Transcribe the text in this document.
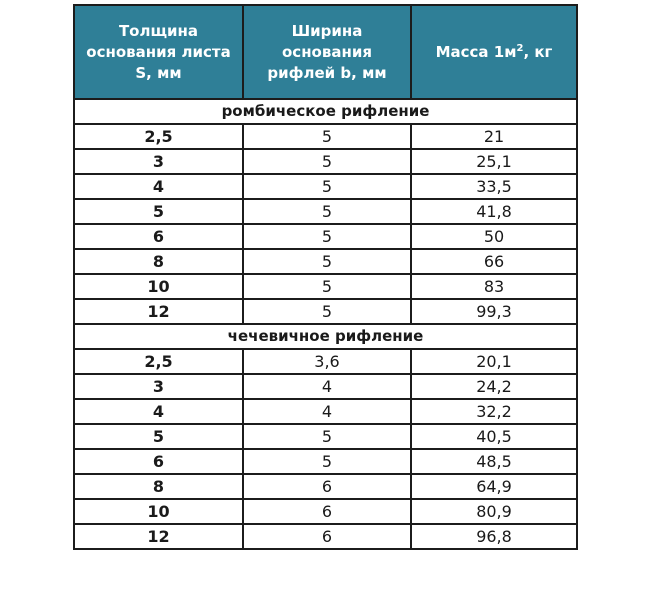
Толщина основания листа S, мм	Ширина основания рифлей b, мм	Масса $1м^2$, кг
ромбическое рифление		
2,5	5	21
3	5	25,1
4	5	33,5
5	5	41,8
6	5	50
8	5	66
10	5	83
12	5	99,3
чечевичное рифление		
2,5	3,6	20,1
3	4	24,2
4	4	32,2
5	5	40,5
6	5	48,5
8	6	64,9
10	6	80,9
12	6	96,8
